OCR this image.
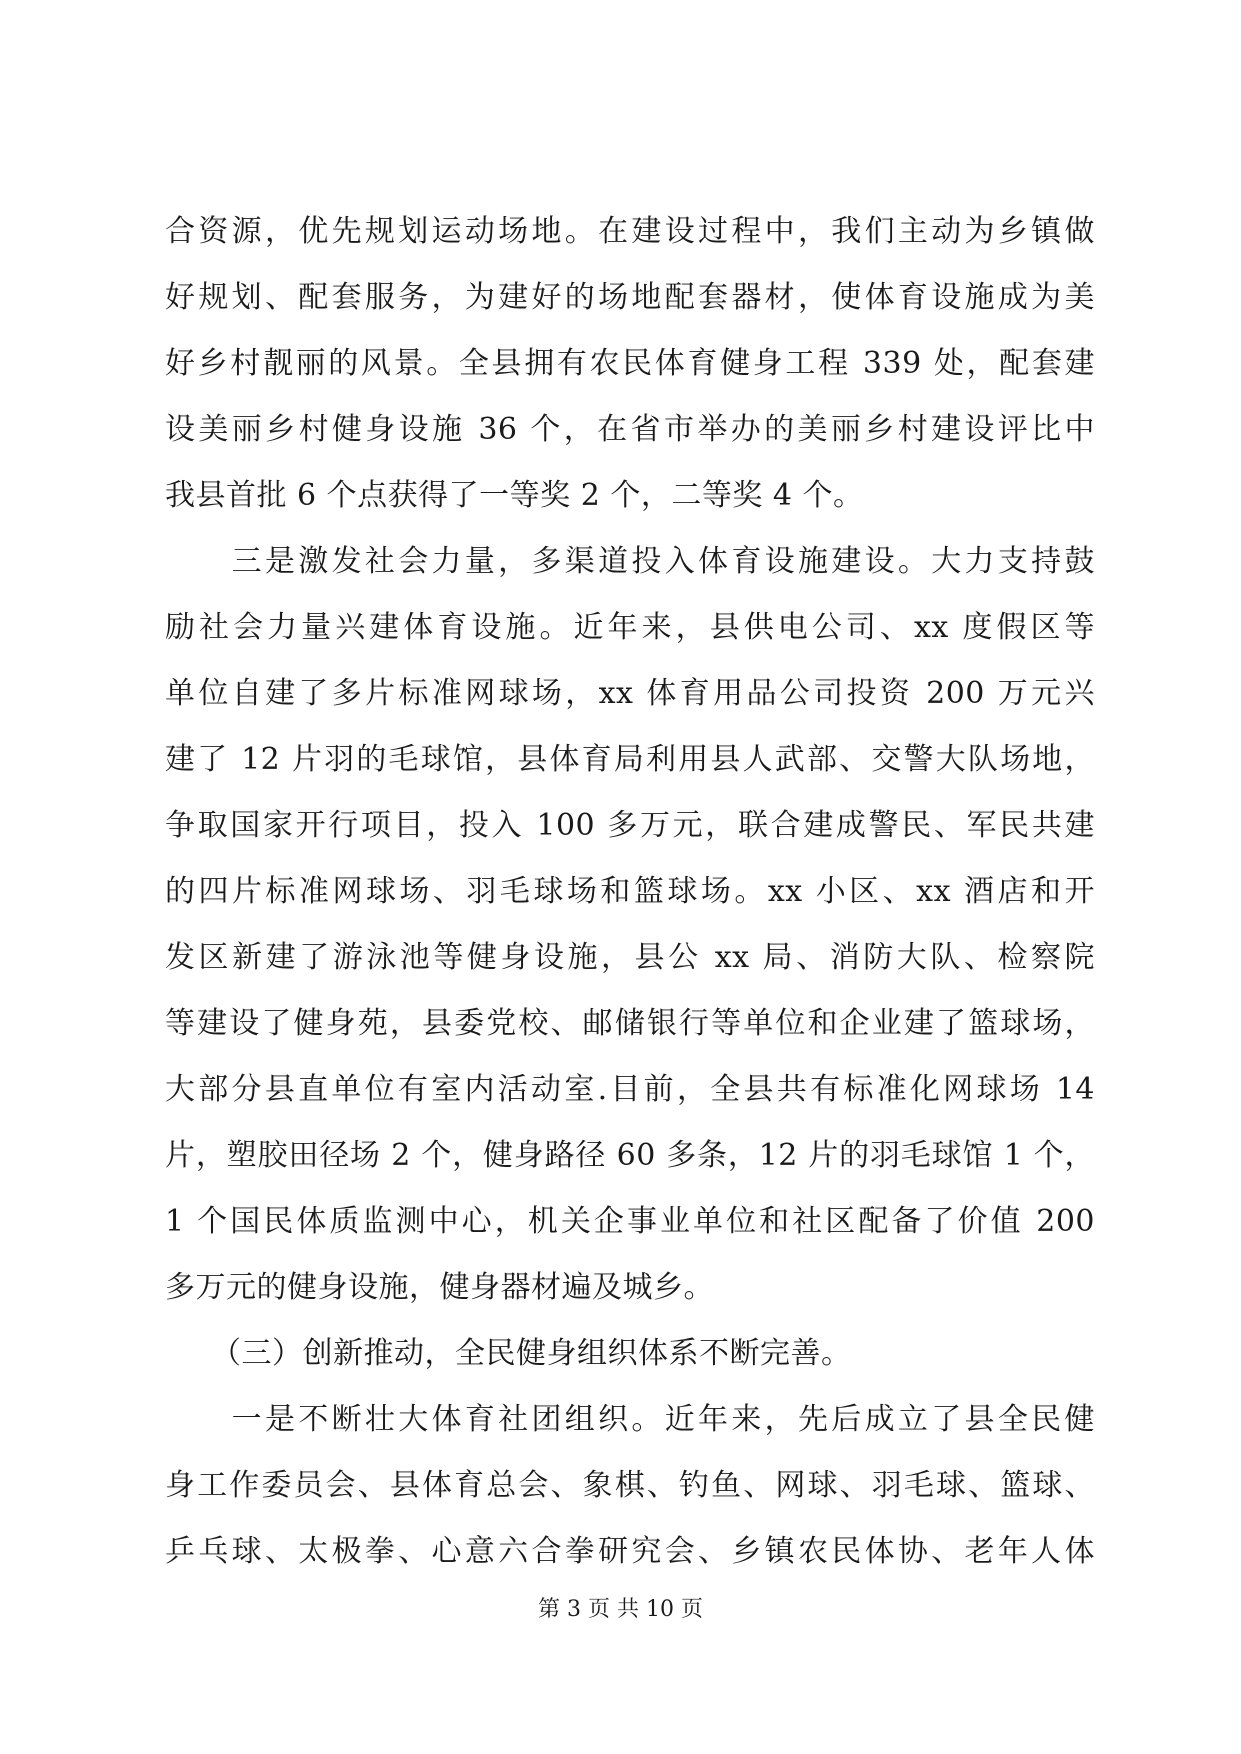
合资源，优先规划运动场地。在建设过程中，我们主动为乡镇做
好规划、配套服务，为建好的场地配套器材，使体育设施成为美
好乡村靓丽的风景。全县拥有农民体育健身工程 339 处，配套建
设美丽乡村健身设施 36 个，在省市举办的美丽乡村建设评比中
我县首批 6 个点获得了一等奖 2 个，二等奖 4 个。
　　三是激发社会力量，多渠道投入体育设施建设。大力支持鼓
励社会力量兴建体育设施。近年来，县供电公司、xx 度假区等
单位自建了多片标准网球场，xx 体育用品公司投资 200 万元兴
建了 12 片羽的毛球馆，县体育局利用县人武部、交警大队场地，
争取国家开行项目，投入 100 多万元，联合建成警民、军民共建
的四片标准网球场、羽毛球场和篮球场。xx 小区、xx 酒店和开
发区新建了游泳池等健身设施，县公 xx 局、消防大队、检察院
等建设了健身苑，县委党校、邮储银行等单位和企业建了篮球场，
大部分县直单位有室内活动室.目前，全县共有标准化网球场 14
片，塑胶田径场 2 个，健身路径 60 多条，12 片的羽毛球馆 1 个，
1 个国民体质监测中心，机关企事业单位和社区配备了价值 200
多万元的健身设施，健身器材遍及城乡。
　　（三）创新推动，全民健身组织体系不断完善。
　　一是不断壮大体育社团组织。近年来，先后成立了县全民健
身工作委员会、县体育总会、象棋、钓鱼、网球、羽毛球、篮球、
乒乓球、太极拳、心意六合拳研究会、乡镇农民体协、老年人体
第 3 页 共 10 页
